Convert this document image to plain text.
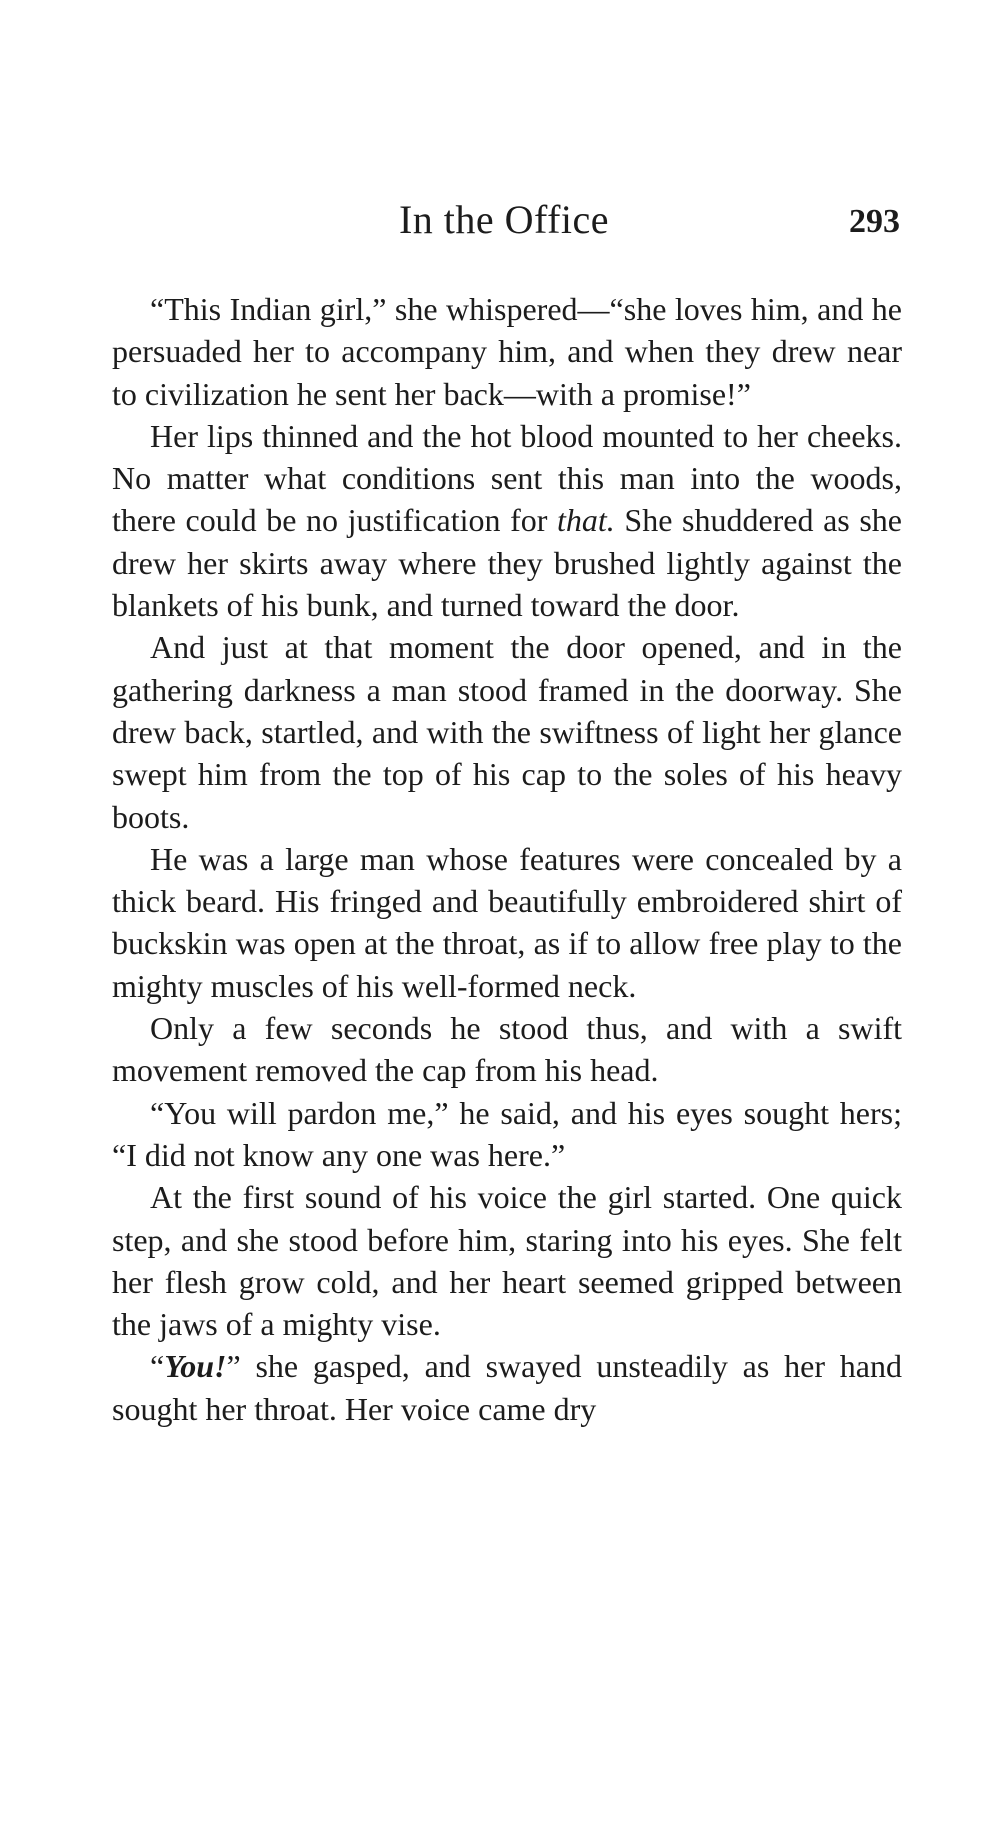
In the Office	293

“This Indian girl,” she whispered—“she loves him, and he persuaded her to accompany him, and when they drew near to civilization he sent her back—with a promise!”

Her lips thinned and the hot blood mounted to her cheeks. No matter what conditions sent this man into the woods, there could be no justification for that. She shuddered as she drew her skirts away where they brushed lightly against the blankets of his bunk, and turned toward the door.

And just at that moment the door opened, and in the gathering darkness a man stood framed in the doorway. She drew back, startled, and with the swiftness of light her glance swept him from the top of his cap to the soles of his heavy boots.

He was a large man whose features were concealed by a thick beard. His fringed and beautifully embroidered shirt of buckskin was open at the throat, as if to allow free play to the mighty muscles of his well-formed neck.

Only a few seconds he stood thus, and with a swift movement removed the cap from his head.

“You will pardon me,” he said, and his eyes sought hers; “I did not know any one was here.”

At the first sound of his voice the girl started. One quick step, and she stood before him, staring into his eyes. She felt her flesh grow cold, and her heart seemed gripped between the jaws of a mighty vise.

“You!” she gasped, and swayed unsteadily as her hand sought her throat. Her voice came dry
